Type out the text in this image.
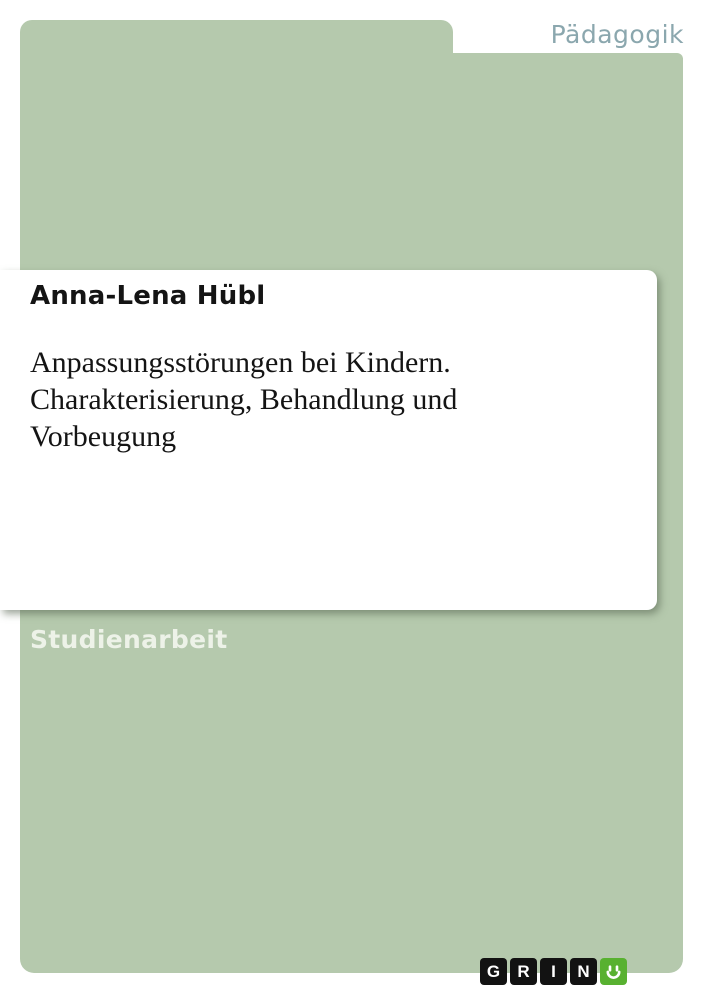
Pädagogik
Anna-Lena Hübl
Anpassungsstörungen bei Kindern. Charakterisierung, Behandlung und Vorbeugung
Studienarbeit
G	R	I	N
